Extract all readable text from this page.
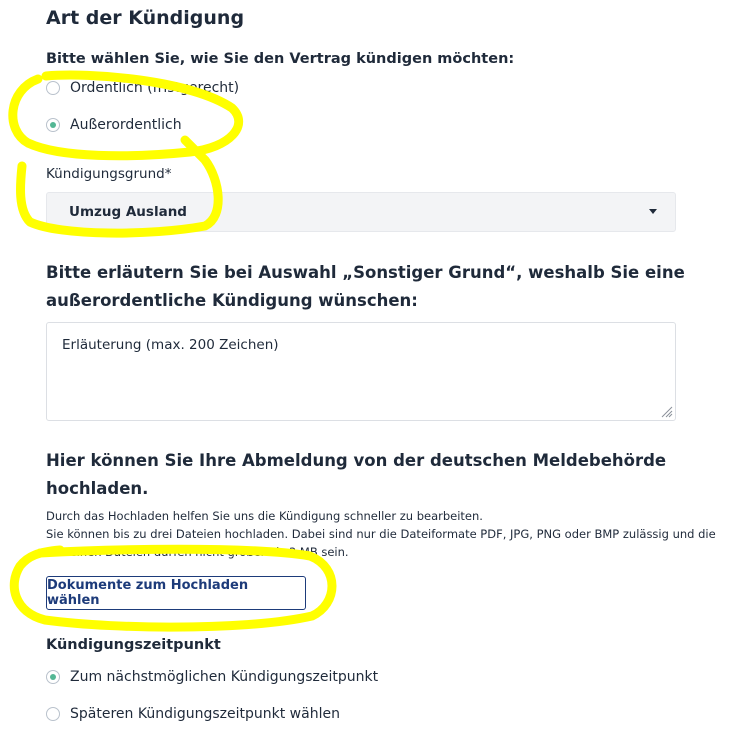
Art der Kündigung
Bitte wählen Sie, wie Sie den Vertrag kündigen möchten:
Ordentlich (fristgerecht)
Außerordentlich
Kündigungsgrund*
Umzug Ausland
Bitte erläutern Sie bei Auswahl „Sonstiger Grund“, weshalb Sie eine
außerordentliche Kündigung wünschen:
Erläuterung (max. 200 Zeichen)
Hier können Sie Ihre Abmeldung von der deutschen Meldebehörde
hochladen.
Durch das Hochladen helfen Sie uns die Kündigung schneller zu bearbeiten.
Sie können bis zu drei Dateien hochladen. Dabei sind nur die Dateiformate PDF, JPG, PNG oder BMP zulässig und die
einzelnen Dateien dürfen nicht größer als 3 MB sein.
Dokumente zum Hochladen wählen
Kündigungszeitpunkt
Zum nächstmöglichen Kündigungszeitpunkt
Späteren Kündigungszeitpunkt wählen
